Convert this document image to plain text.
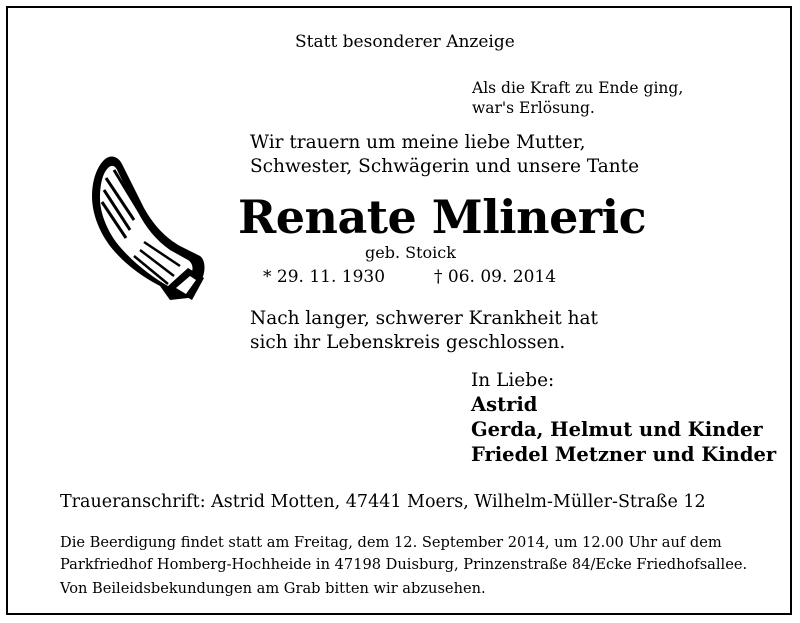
Statt besonderer Anzeige
Als die Kraft zu Ende ging,
war's Erlösung.
Wir trauern um meine liebe Mutter,
Schwester, Schwägerin und unsere Tante
Renate Mlineric
geb. Stoick
* 29. 11. 1930	† 06. 09. 2014
Nach langer, schwerer Krankheit hat
sich ihr Lebenskreis geschlossen.
In Liebe:
Astrid
Gerda, Helmut und Kinder
Friedel Metzner und Kinder
Traueranschrift: Astrid Motten, 47441 Moers, Wilhelm-Müller-Straße 12
Die Beerdigung findet statt am Freitag, dem 12. September 2014, um 12.00 Uhr auf dem
Parkfriedhof Homberg-Hochheide in 47198 Duisburg, Prinzenstraße 84/Ecke Friedhofsallee.
Von Beileidsbekundungen am Grab bitten wir abzusehen.
